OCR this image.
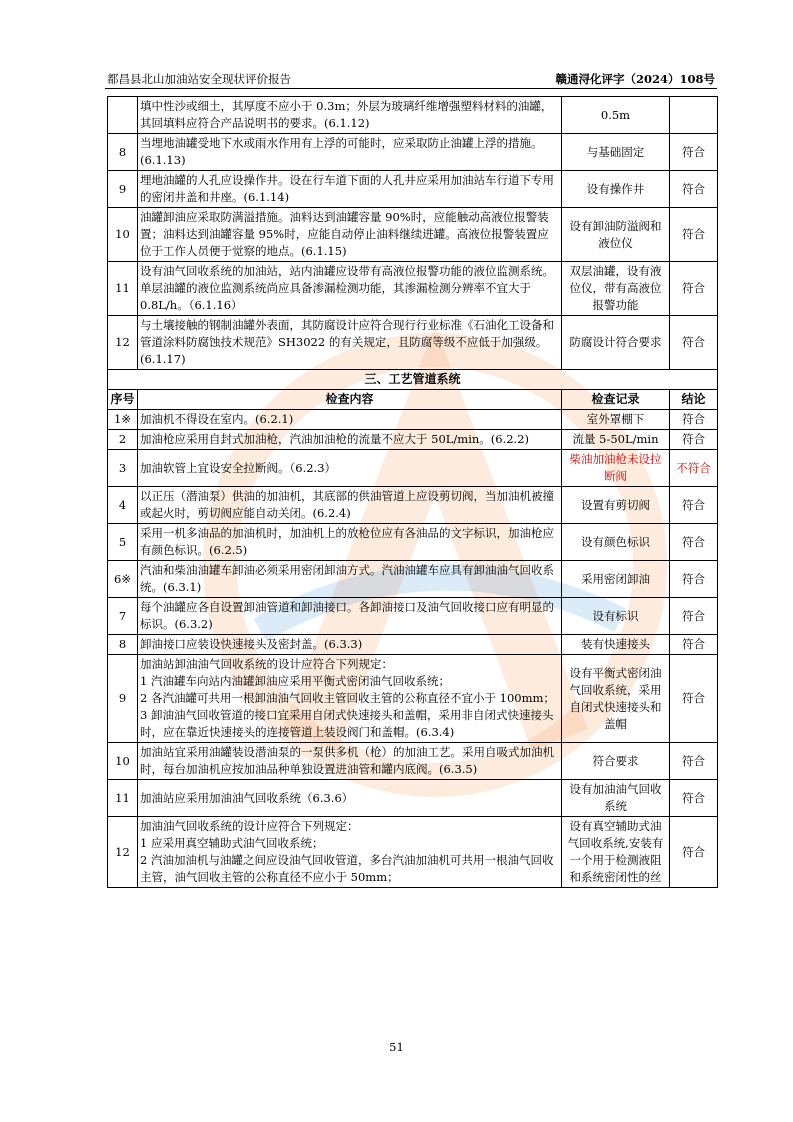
都昌县北山加油站安全现状评价报告	赣通浔化评字（2024）108号
	填中性沙或细土，其厚度不应小于 0.3m；外层为玻璃纤维增强塑料材料的油罐，其回填料应符合产品说明书的要求。(6.1.12)	0.5m	
8	当埋地油罐受地下水或雨水作用有上浮的可能时，应采取防止油罐上浮的措施。(6.1.13)	与基础固定	符合
9	埋地油罐的人孔应设操作井。设在行车道下面的人孔井应采用加油站车行道下专用的密闭井盖和井座。(6.1.14)	设有操作井	符合
10	油罐卸油应采取防满溢措施。油料达到油罐容量 90%时，应能触动高液位报警装置；油料达到油罐容量 95%时，应能自动停止油料继续进罐。高液位报警装置应位于工作人员便于觉察的地点。(6.1.15)	设有卸油防溢阀和液位仪	符合
11	设有油气回收系统的加油站，站内油罐应设带有高液位报警功能的液位监测系统。单层油罐的液位监测系统尚应具备渗漏检测功能，其渗漏检测分辨率不宜大于 0.8L/h。（6.1.16）	双层油罐，设有液位仪，带有高液位报警功能	符合
12	与土壤接触的钢制油罐外表面，其防腐设计应符合现行行业标准《石油化工设备和管道涂料防腐蚀技术规范》SH3022 的有关规定，且防腐等级不应低于加强级。(6.1.17)	防腐设计符合要求	符合
三、工艺管道系统			
序号	检查内容	检查记录	结论
1※	加油机不得设在室内。(6.2.1)	室外罩棚下	符合
2	加油枪应采用自封式加油枪，汽油加油枪的流量不应大于 50L/min。(6.2.2)	流量 5-50L/min	符合
3	加油软管上宜设安全拉断阀。（6.2.3）	柴油加油枪未设拉断阀	不符合
4	以正压（潜油泵）供油的加油机，其底部的供油管道上应设剪切阀，当加油机被撞或起火时，剪切阀应能自动关闭。(6.2.4)	设置有剪切阀	符合
5	采用一机多油品的加油机时，加油机上的放枪位应有各油品的文字标识，加油枪应有颜色标识。(6.2.5)	设有颜色标识	符合
6※	汽油和柴油油罐车卸油必须采用密闭卸油方式。汽油油罐车应具有卸油油气回收系统。(6.3.1)	采用密闭卸油	符合
7	每个油罐应各自设置卸油管道和卸油接口。各卸油接口及油气回收接口应有明显的标识。(6.3.2)	设有标识	符合
8	卸油接口应装设快速接头及密封盖。(6.3.3)	装有快速接头	符合
9	加油站卸油油气回收系统的设计应符合下列规定：
1 汽油罐车向站内油罐卸油应采用平衡式密闭油气回收系统；
2 各汽油罐可共用一根卸油油气回收主管回收主管的公称直径不宜小于 100mm；
3 卸油油气回收管道的接口宜采用自闭式快速接头和盖帽，采用非自闭式快速接头时，应在靠近快速接头的连接管道上装设阀门和盖帽。(6.3.4)	设有平衡式密闭油气回收系统，采用自闭式快速接头和盖帽	符合
10	加油站宜采用油罐装设潜油泵的一泵供多机（枪）的加油工艺。采用自吸式加油机时，每台加油机应按加油品种单独设置进油管和罐内底阀。(6.3.5)	符合要求	符合
11	加油站应采用加油油气回收系统（6.3.6）	设有加油油气回收系统	符合
12	加油油气回收系统的设计应符合下列规定：
1 应采用真空辅助式油气回收系统；
2 汽油加油机与油罐之间应设油气回收管道，多台汽油加油机可共用一根油气回收主管，油气回收主管的公称直径不应小于 50mm；	设有真空辅助式油气回收系统,安装有一个用于检测液阻和系统密闭性的丝	符合
51
